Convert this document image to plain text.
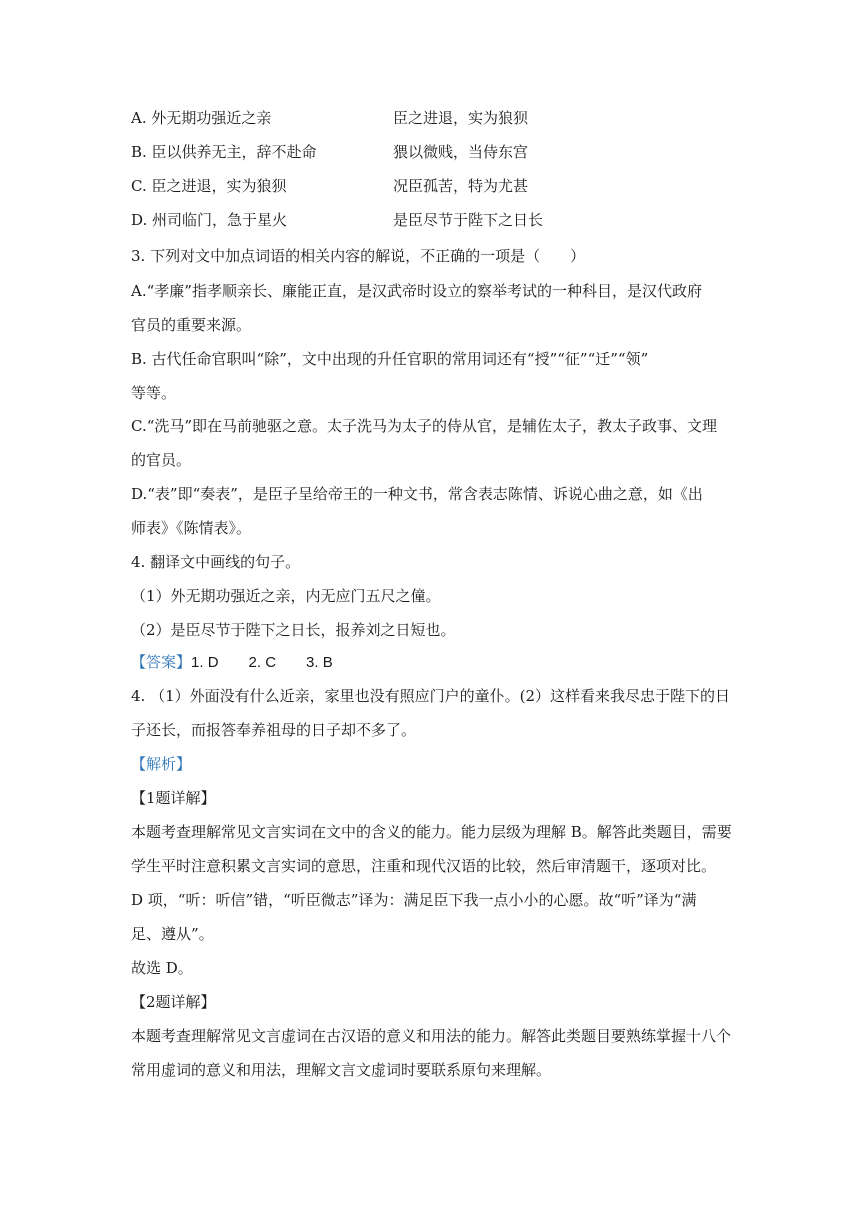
A. 外无期功强近之亲	臣之进退，实为狼狈
B. 臣以供养无主，辞不赴命	猥以微贱，当侍东宫
C. 臣之进退，实为狼狈	况臣孤苦，特为尤甚
D. 州司临门，急于星火	是臣尽节于陛下之日长
3. 下列对文中加点词语的相关内容的解说，不正确的一项是（　　）
A.“孝廉”指孝顺亲长、廉能正直，是汉武帝时设立的察举考试的一种科目，是汉代政府
官员的重要来源。
B. 古代任命官职叫“除”，文中出现的升任官职的常用词还有“授”“征”“迁”“领”
等等。
C.“洗马”即在马前驰驱之意。太子洗马为太子的侍从官，是辅佐太子，教太子政事、文理
的官员。
D.“表”即“奏表”，是臣子呈给帝王的一种文书，常含表志陈情、诉说心曲之意，如《出
师表》《陈情表》。
4. 翻译文中画线的句子。
（1）外无期功强近之亲，内无应门五尺之僮。
（2）是臣尽节于陛下之日长，报养刘之日短也。
【答案】1. D　　2. C　　3. B
4. （1）外面没有什么近亲，家里也没有照应门户的童仆。(2）这样看来我尽忠于陛下的日
子还长，而报答奉养祖母的日子却不多了。
【解析】
【1题详解】
本题考查理解常见文言实词在文中的含义的能力。能力层级为理解 B。解答此类题目，需要
学生平时注意积累文言实词的意思，注重和现代汉语的比较，然后审清题干，逐项对比。
D 项，“听：听信”错，“听臣微志”译为：满足臣下我一点小小的心愿。故“听”译为“满
足、遵从”。
故选 D。
【2题详解】
本题考查理解常见文言虚词在古汉语的意义和用法的能力。解答此类题目要熟练掌握十八个
常用虚词的意义和用法，理解文言文虚词时要联系原句来理解。
